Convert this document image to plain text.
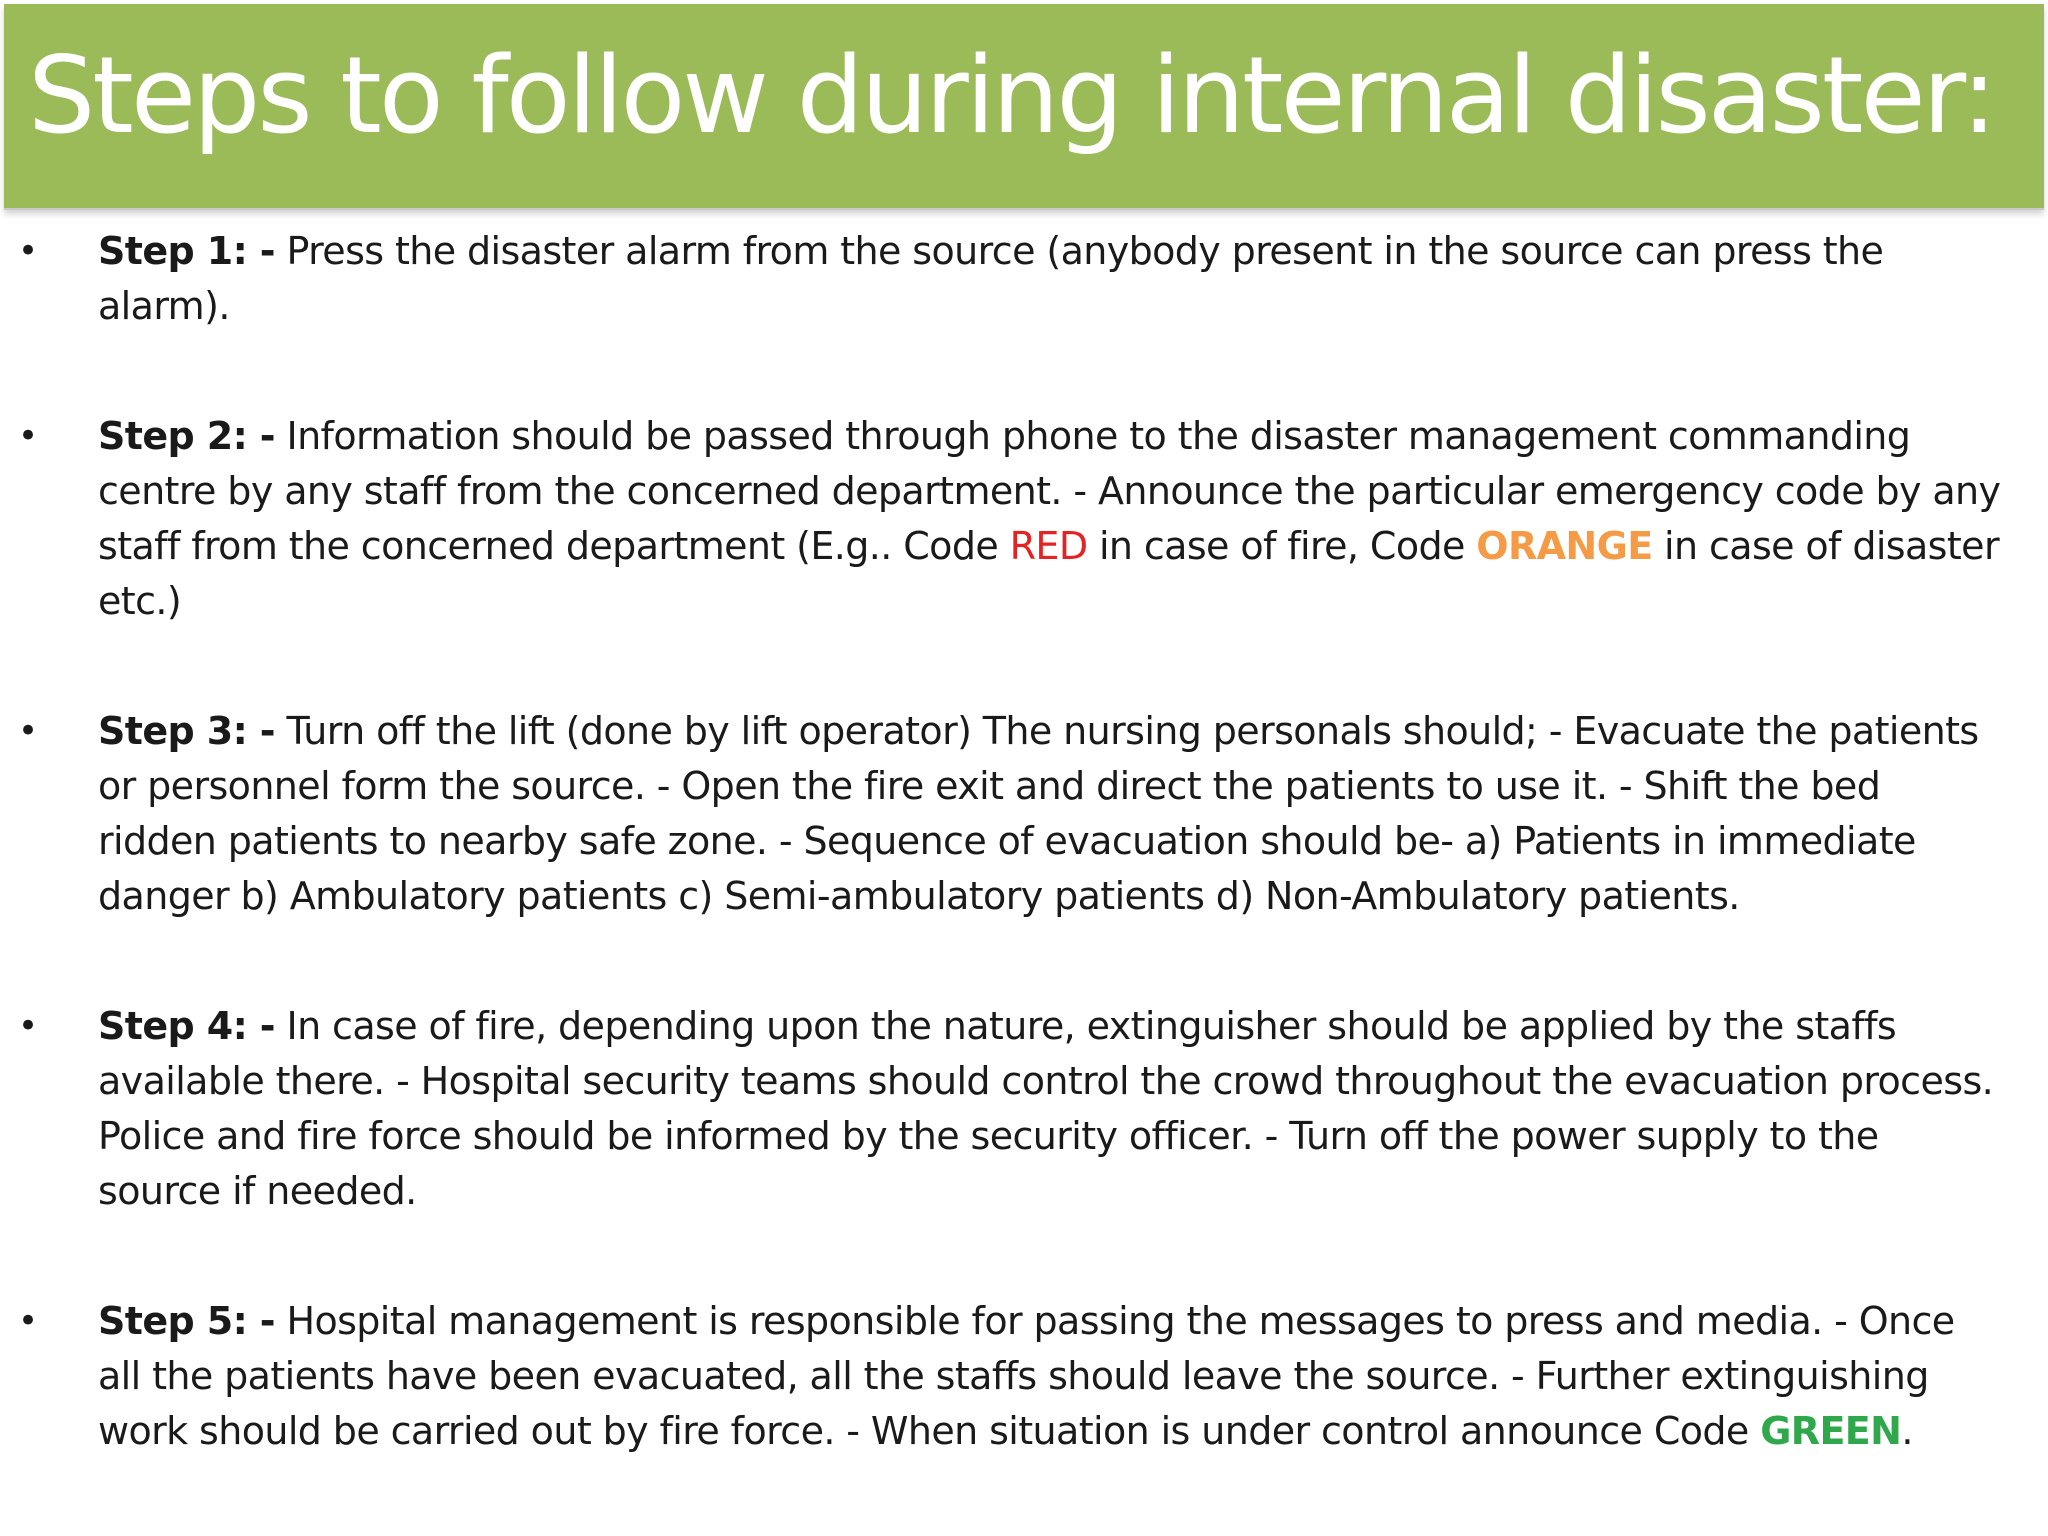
Steps to follow during internal disaster:
• Step 1: - Press the disaster alarm from the source (anybody present in the source can press the alarm).
• Step 2: - Information should be passed through phone to the disaster management commanding centre by any staff from the concerned department. - Announce the particular emergency code by any staff from the concerned department (E.g.. Code RED in case of fire, Code ORANGE in case of disaster etc.)
• Step 3: - Turn off the lift (done by lift operator) The nursing personals should; - Evacuate the patients or personnel form the source. - Open the fire exit and direct the patients to use it. - Shift the bed ridden patients to nearby safe zone. - Sequence of evacuation should be- a) Patients in immediate danger b) Ambulatory patients c) Semi-ambulatory patients d) Non-Ambulatory patients.
• Step 4: - In case of fire, depending upon the nature, extinguisher should be applied by the staffs available there. - Hospital security teams should control the crowd throughout the evacuation process. Police and fire force should be informed by the security officer. - Turn off the power supply to the source if needed.
• Step 5: - Hospital management is responsible for passing the messages to press and media. - Once all the patients have been evacuated, all the staffs should leave the source. - Further extinguishing work should be carried out by fire force. - When situation is under control announce Code GREEN.
